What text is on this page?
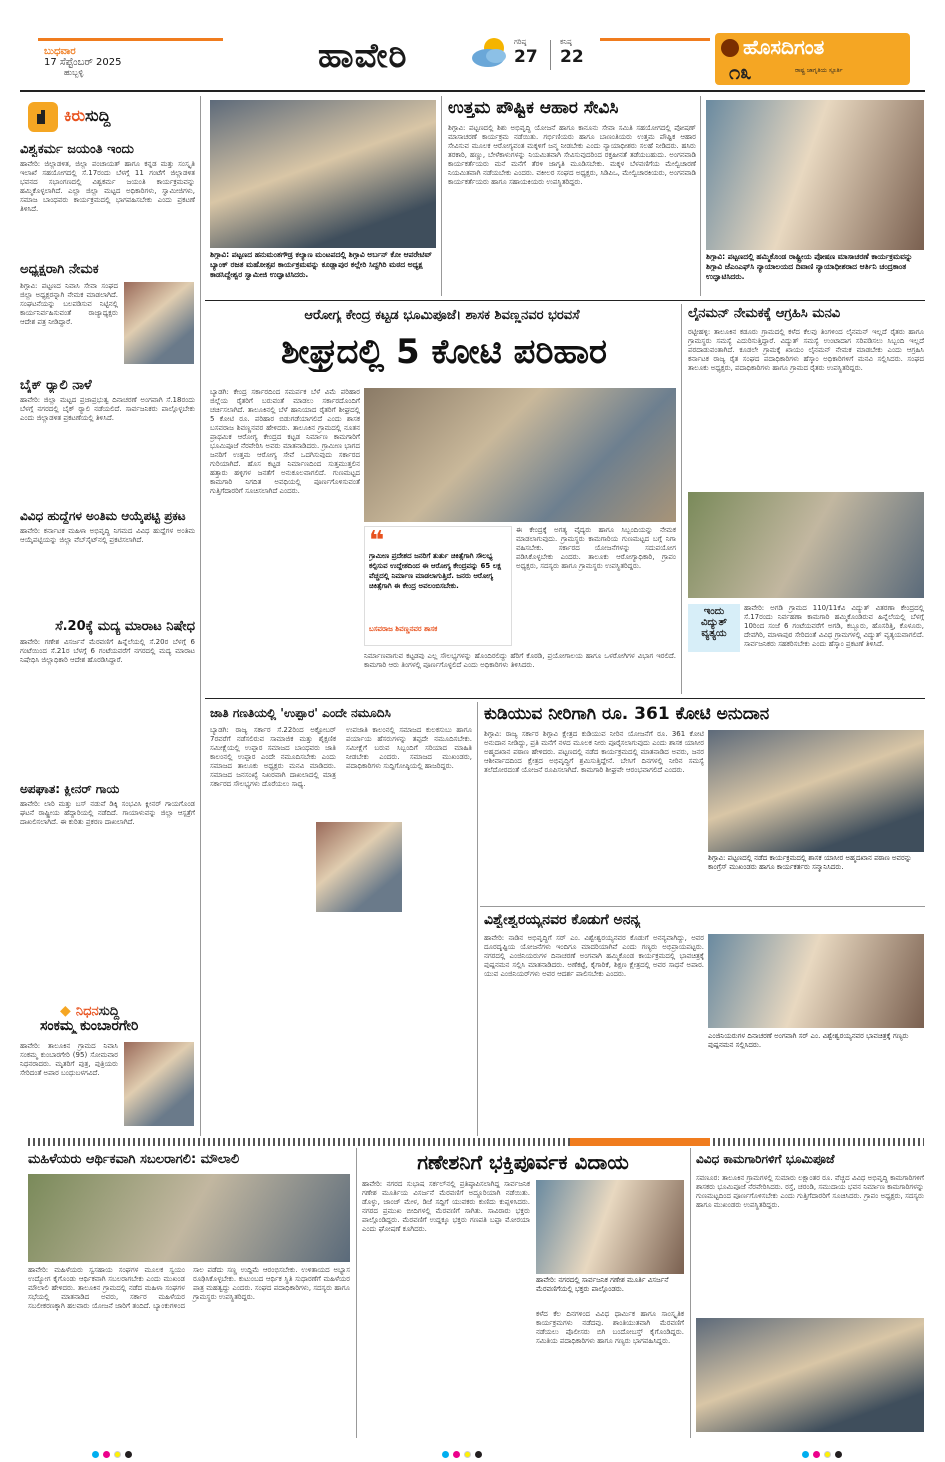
ಬುಧವಾರ
17 ಸೆಪ್ಟೆಂಬರ್ 2025
ಹುಬ್ಬಳ್ಳಿ	ಹಾವೇರಿ	ಗರಿಷ್ಠ
27
ಕನಿಷ್ಠ
22	ಹೊಸದಿಗಂತ
೧೩	ರಾಷ್ಟ್ರ ಜಾಗೃತಿಯ ಸ್ಪೂರ್ತಿ
ಕಿರುಸುದ್ದಿ
ವಿಶ್ವಕರ್ಮ ಜಯಂತಿ ಇಂದು
ಹಾವೇರಿ: ಜಿಲ್ಲಾಡಳಿತ, ಜಿಲ್ಲಾ ಪಂಚಾಯತ್ ಹಾಗೂ ಕನ್ನಡ ಮತ್ತು ಸಂಸ್ಕೃತಿ ಇಲಾಖೆ ಸಹಯೋಗದಲ್ಲಿ ಸೆ.17ರಂದು ಬೆಳಗ್ಗೆ 11 ಗಂಟೆಗೆ ಜಿಲ್ಲಾಡಳಿತ ಭವನದ ಸಭಾಂಗಣದಲ್ಲಿ ವಿಶ್ವಕರ್ಮ ಜಯಂತಿ ಕಾರ್ಯಕ್ರಮವನ್ನು ಹಮ್ಮಿಕೊಳ್ಳಲಾಗಿದೆ. ಎಲ್ಲಾ ಜಿಲ್ಲಾ ಮಟ್ಟದ ಅಧಿಕಾರಿಗಳು, ಸ್ವಾಮೀಜಿಗಳು, ಸಮಾಜ ಬಾಂಧವರು ಕಾರ್ಯಕ್ರಮದಲ್ಲಿ ಭಾಗವಹಿಸಬೇಕು ಎಂದು ಪ್ರಕಟಣೆ ತಿಳಿಸಿದೆ.
ಅಧ್ಯಕ್ಷರಾಗಿ ನೇಮಕ
ಶಿಗ್ಗಾವಿ: ಪಟ್ಟಣದ ನಿವಾಸಿ ಸೇವಾ ಸಂಘದ ಜಿಲ್ಲಾ ಅಧ್ಯಕ್ಷರನ್ನಾಗಿ ನೇಮಕ ಮಾಡಲಾಗಿದೆ. ಸಂಘಟನೆಯನ್ನು ಬಲಪಡಿಸುವ ನಿಟ್ಟಿನಲ್ಲಿ ಕಾರ್ಯನಿರ್ವಹಿಸುವಂತೆ ರಾಜ್ಯಾಧ್ಯಕ್ಷರು ಆದೇಶ ಪತ್ರ ನೀಡಿದ್ದಾರೆ.
ಬೈಕ್ ರ‍್ಯಾಲಿ ನಾಳೆ
ಹಾವೇರಿ: ಜಿಲ್ಲಾ ಮಟ್ಟದ ಪ್ರಜಾಪ್ರಭುತ್ವ ದಿನಾಚರಣೆ ಅಂಗವಾಗಿ ಸೆ.18ರಂದು ಬೆಳಗ್ಗೆ ನಗರದಲ್ಲಿ ಬೈಕ್ ರ‍್ಯಾಲಿ ನಡೆಯಲಿದೆ. ಸಾರ್ವಜನಿಕರು ಪಾಲ್ಗೊಳ್ಳಬೇಕು ಎಂದು ಜಿಲ್ಲಾಡಳಿತ ಪ್ರಕಟಣೆಯಲ್ಲಿ ತಿಳಿಸಿದೆ.
ವಿವಿಧ ಹುದ್ದೆಗಳ ಅಂತಿಮ ಆಯ್ಕೆಪಟ್ಟಿ ಪ್ರಕಟ
ಹಾವೇರಿ: ಕರ್ನಾಟಕ ಮಹಿಳಾ ಅಭಿವೃದ್ಧಿ ನಿಗಮದ ವಿವಿಧ ಹುದ್ದೆಗಳ ಅಂತಿಮ ಆಯ್ಕೆಪಟ್ಟಿಯನ್ನು ಜಿಲ್ಲಾ ವೆಬ್‌ಸೈಟ್‌ನಲ್ಲಿ ಪ್ರಕಟಿಸಲಾಗಿದೆ.
ಸೆ.20ಕ್ಕೆ ಮದ್ಯ ಮಾರಾಟ ನಿಷೇಧ
ಹಾವೇರಿ: ಗಣೇಶ ವಿಸರ್ಜನೆ ಮೆರವಣಿಗೆ ಹಿನ್ನೆಲೆಯಲ್ಲಿ ಸೆ.20ರ ಬೆಳಗ್ಗೆ 6 ಗಂಟೆಯಿಂದ ಸೆ.21ರ ಬೆಳಗ್ಗೆ 6 ಗಂಟೆಯವರೆಗೆ ನಗರದಲ್ಲಿ ಮದ್ಯ ಮಾರಾಟ ನಿಷೇಧಿಸಿ ಜಿಲ್ಲಾಧಿಕಾರಿ ಆದೇಶ ಹೊರಡಿಸಿದ್ದಾರೆ.
ಅಪಘಾತ: ಕ್ಲೀನರ್ ಗಾಯ
ಹಾವೇರಿ: ಲಾರಿ ಮತ್ತು ಬಸ್ ನಡುವೆ ಡಿಕ್ಕಿ ಸಂಭವಿಸಿ ಕ್ಲೀನರ್ ಗಾಯಗೊಂಡ ಘಟನೆ ರಾಷ್ಟ್ರೀಯ ಹೆದ್ದಾರಿಯಲ್ಲಿ ನಡೆದಿದೆ. ಗಾಯಾಳುವನ್ನು ಜಿಲ್ಲಾ ಆಸ್ಪತ್ರೆಗೆ ದಾಖಲಿಸಲಾಗಿದೆ. ಈ ಕುರಿತು ಪ್ರಕರಣ ದಾಖಲಾಗಿದೆ.
◆ ನಿಧನಸುದ್ದಿ
ಸಂಕಮ್ಮ ಕುಂಬಾರಗೇರಿ
ಹಾವೇರಿ: ತಾಲೂಕಿನ ಗ್ರಾಮದ ನಿವಾಸಿ ಸಂಕಮ್ಮ ಕುಂಬಾರಗೇರಿ (95) ಸೋಮವಾರ ನಿಧನರಾದರು. ಮೃತರಿಗೆ ಪುತ್ರ, ಪುತ್ರಿಯರು ಸೇರಿದಂತೆ ಅಪಾರ ಬಂಧುಬಳಗವಿದೆ.
ಶಿಗ್ಗಾವಿ: ಪಟ್ಟಣದ ಹನುಮಂತಗೌಡ್ರ ಕಲ್ಯಾಣ ಮಂಟಪದಲ್ಲಿ ಶಿಗ್ಗಾವಿ ಅರ್ಬನ್ ಕೋ ಆಪರೇಟಿವ್ ಬ್ಯಾಂಕ್ ರಜತ ಮಹೋತ್ಸವ ಕಾರ್ಯಕ್ರಮವನ್ನು ಕೂಡ್ಲಾಪುರ ಕಲ್ಲೇರಿ ಸಿದ್ದಗಿರಿ ಮಠದ ಅಧ್ಯಕ್ಷ ಕಾಡಸಿದ್ದೇಶ್ವರ ಸ್ವಾಮೀಜಿ ಉದ್ಘಾಟಿಸಿದರು.
ಉತ್ತಮ ಪೌಷ್ಟಿಕ ಆಹಾರ ಸೇವಿಸಿ
ಶಿಗ್ಗಾವಿ: ಪಟ್ಟಣದಲ್ಲಿ ಶಿಶು ಅಭಿವೃದ್ಧಿ ಯೋಜನೆ ಹಾಗೂ ಕಾನೂನು ಸೇವಾ ಸಮಿತಿ ಸಹಯೋಗದಲ್ಲಿ ಪೋಷಣ್ ಮಾಸಾಚರಣೆ ಕಾರ್ಯಕ್ರಮ ನಡೆಯಿತು. ಗರ್ಭಿಣಿಯರು ಹಾಗೂ ಬಾಣಂತಿಯರು ಉತ್ತಮ ಪೌಷ್ಟಿಕ ಆಹಾರ ಸೇವಿಸುವ ಮೂಲಕ ಆರೋಗ್ಯವಂತ ಮಕ್ಕಳಿಗೆ ಜನ್ಮ ನೀಡಬೇಕು ಎಂದು ನ್ಯಾಯಾಧೀಶರು ಸಲಹೆ ನೀಡಿದರು. ಹಸಿರು ತರಕಾರಿ, ಹಣ್ಣು, ಬೇಳೆಕಾಳುಗಳನ್ನು ನಿಯಮಿತವಾಗಿ ಸೇವಿಸುವುದರಿಂದ ರಕ್ತಹೀನತೆ ತಡೆಯಬಹುದು. ಅಂಗನವಾಡಿ ಕಾರ್ಯಕರ್ತೆಯರು ಮನೆ ಮನೆಗೆ ತೆರಳಿ ಜಾಗೃತಿ ಮೂಡಿಸಬೇಕು. ಮಕ್ಕಳ ಬೆಳವಣಿಗೆಯ ಮೇಲ್ವಿಚಾರಣೆ ನಿಯಮಿತವಾಗಿ ನಡೆಯಬೇಕು ಎಂದರು. ವಕೀಲರ ಸಂಘದ ಅಧ್ಯಕ್ಷರು, ಸಿಡಿಪಿಒ, ಮೇಲ್ವಿಚಾರಕಿಯರು, ಅಂಗನವಾಡಿ ಕಾರ್ಯಕರ್ತೆಯರು ಹಾಗೂ ಸಹಾಯಕಿಯರು ಉಪಸ್ಥಿತರಿದ್ದರು.
ಶಿಗ್ಗಾವಿ: ಪಟ್ಟಣದಲ್ಲಿ ಹಮ್ಮಿಕೊಂಡ ರಾಷ್ಟ್ರೀಯ ಪೋಷಣ ಮಾಸಾಚರಣೆ ಕಾರ್ಯಕ್ರಮವನ್ನು ಶಿಗ್ಗಾವಿ ಜೆಎಂಎಫ್‌ಸಿ ನ್ಯಾಯಾಲಯದ ದಿವಾಣಿ ನ್ಯಾಯಾಧೀಶರಾದ ಆರ್ತಿನಿ ಚಂದ್ರಕಾಂತ ಉದ್ಘಾಟಿಸಿದರು.
ಆರೋಗ್ಯ ಕೇಂದ್ರ ಕಟ್ಟಡ ಭೂಮಿಪೂಜೆ। ಶಾಸಕ ಶಿವಣ್ಣನವರ ಭರವಸೆ
ಶೀಘ್ರದಲ್ಲಿ 5 ಕೋಟಿ ಪರಿಹಾರ
ಬ್ಯಾಡಗಿ: ಕೇಂದ್ರ ಸರ್ಕಾರದಿಂದ ಸಮರ್ಪಕ ಬೆಳೆ ವಿಮೆ ಪರಿಹಾರ ಜಿಲ್ಲೆಯ ರೈತರಿಗೆ ಬರುವಂತೆ ಮಾಡಲು ಸರ್ಕಾರದೊಂದಿಗೆ ಚರ್ಚಿಸಲಾಗಿದೆ. ತಾಲೂಕಿನಲ್ಲಿ ಬೆಳೆ ಹಾನಿಯಾದ ರೈತರಿಗೆ ಶೀಘ್ರದಲ್ಲಿ 5 ಕೋಟಿ ರೂ. ಪರಿಹಾರ ಬಿಡುಗಡೆಯಾಗಲಿದೆ ಎಂದು ಶಾಸಕ ಬಸವರಾಜ ಶಿವಣ್ಣನವರ ಹೇಳಿದರು. ತಾಲೂಕಿನ ಗ್ರಾಮದಲ್ಲಿ ನೂತನ ಪ್ರಾಥಮಿಕ ಆರೋಗ್ಯ ಕೇಂದ್ರದ ಕಟ್ಟಡ ನಿರ್ಮಾಣ ಕಾಮಗಾರಿಗೆ ಭೂಮಿಪೂಜೆ ನೆರವೇರಿಸಿ ಅವರು ಮಾತನಾಡಿದರು. ಗ್ರಾಮೀಣ ಭಾಗದ ಜನರಿಗೆ ಉತ್ತಮ ಆರೋಗ್ಯ ಸೇವೆ ಒದಗಿಸುವುದು ಸರ್ಕಾರದ ಗುರಿಯಾಗಿದೆ. ಹೊಸ ಕಟ್ಟಡ ನಿರ್ಮಾಣದಿಂದ ಸುತ್ತಮುತ್ತಲಿನ ಹತ್ತಾರು ಹಳ್ಳಿಗಳ ಜನತೆಗೆ ಅನುಕೂಲವಾಗಲಿದೆ. ಗುಣಮಟ್ಟದ ಕಾಮಗಾರಿ ನಿಗದಿತ ಅವಧಿಯಲ್ಲಿ ಪೂರ್ಣಗೊಳಿಸುವಂತೆ ಗುತ್ತಿಗೆದಾರರಿಗೆ ಸೂಚಿಸಲಾಗಿದೆ ಎಂದರು.
❝
ಗ್ರಾಮೀಣ ಪ್ರದೇಶದ ಜನರಿಗೆ ತುರ್ತು ಚಿಕಿತ್ಸೆಗಾಗಿ ಸೌಲಭ್ಯ ಕಲ್ಪಿಸುವ ಉದ್ದೇಶದಿಂದ ಈ ಆರೋಗ್ಯ ಕೇಂದ್ರವನ್ನು 65 ಲಕ್ಷ ವೆಚ್ಚದಲ್ಲಿ ನಿರ್ಮಾಣ ಮಾಡಲಾಗುತ್ತಿದೆ. ಜನರು ಆರೋಗ್ಯ ಚಿಕಿತ್ಸೆಗಾಗಿ ಈ ಕೇಂದ್ರ ಅವಲಂಬಿಸಬೇಕು.
ಬಸವರಾಜ ಶಿವಣ್ಣನವರ ಶಾಸಕ
ಈ ಕೇಂದ್ರಕ್ಕೆ ಅಗತ್ಯ ವೈದ್ಯರು ಹಾಗೂ ಸಿಬ್ಬಂದಿಯನ್ನು ನೇಮಕ ಮಾಡಲಾಗುವುದು. ಗ್ರಾಮಸ್ಥರು ಕಾಮಗಾರಿಯ ಗುಣಮಟ್ಟದ ಬಗ್ಗೆ ನಿಗಾ ವಹಿಸಬೇಕು. ಸರ್ಕಾರದ ಯೋಜನೆಗಳನ್ನು ಸದುಪಯೋಗ ಪಡಿಸಿಕೊಳ್ಳಬೇಕು ಎಂದರು. ತಾಲೂಕು ಆರೋಗ್ಯಾಧಿಕಾರಿ, ಗ್ರಾಪಂ ಅಧ್ಯಕ್ಷರು, ಸದಸ್ಯರು ಹಾಗೂ ಗ್ರಾಮಸ್ಥರು ಉಪಸ್ಥಿತರಿದ್ದರು.
ನಿರ್ಮಾಣವಾಗುವ ಕಟ್ಟಡವು ಎಲ್ಲ ಸೌಲಭ್ಯಗಳನ್ನು ಹೊಂದಿರಲಿದ್ದು ಹೆರಿಗೆ ಕೊಠಡಿ, ಪ್ರಯೋಗಾಲಯ ಹಾಗೂ ಒಳರೋಗಿಗಳ ವಿಭಾಗ ಇರಲಿದೆ. ಕಾಮಗಾರಿ ಆರು ತಿಂಗಳಲ್ಲಿ ಪೂರ್ಣಗೊಳ್ಳಲಿದೆ ಎಂದು ಅಧಿಕಾರಿಗಳು ತಿಳಿಸಿದರು.
ಲೈನಮನ್ ನೇಮಕಕ್ಕೆ ಆಗ್ರಹಿಸಿ ಮನವಿ
ರಟ್ಟೀಹಳ್ಳಿ: ತಾಲೂಕಿನ ಕಡೂರು ಗ್ರಾಮದಲ್ಲಿ ಕಳೆದ ಕೆಲವು ತಿಂಗಳಿಂದ ಲೈನಮನ್ ಇಲ್ಲದೆ ರೈತರು ಹಾಗೂ ಗ್ರಾಮಸ್ಥರು ಸಮಸ್ಯೆ ಎದುರಿಸುತ್ತಿದ್ದಾರೆ. ವಿದ್ಯುತ್ ಸಮಸ್ಯೆ ಉಂಟಾದಾಗ ಸರಿಪಡಿಸಲು ಸಿಬ್ಬಂದಿ ಇಲ್ಲದೆ ಪರದಾಡುವಂತಾಗಿದೆ. ಕೂಡಲೇ ಗ್ರಾಮಕ್ಕೆ ಖಾಯಂ ಲೈನಮನ್ ನೇಮಕ ಮಾಡಬೇಕು ಎಂದು ಆಗ್ರಹಿಸಿ ಕರ್ನಾಟಕ ರಾಜ್ಯ ರೈತ ಸಂಘದ ಪದಾಧಿಕಾರಿಗಳು ಹೆಸ್ಕಾಂ ಅಧಿಕಾರಿಗಳಿಗೆ ಮನವಿ ಸಲ್ಲಿಸಿದರು. ಸಂಘದ ತಾಲೂಕು ಅಧ್ಯಕ್ಷರು, ಪದಾಧಿಕಾರಿಗಳು ಹಾಗೂ ಗ್ರಾಮದ ರೈತರು ಉಪಸ್ಥಿತರಿದ್ದರು.
ಇಂದು
ವಿದ್ಯುತ್
ವ್ಯತ್ಯಯ
ಹಾವೇರಿ: ಅಗಡಿ ಗ್ರಾಮದ 110/11ಕೆವಿ ವಿದ್ಯುತ್ ವಿತರಣಾ ಕೇಂದ್ರದಲ್ಲಿ ಸೆ.17ರಂದು ನಿರ್ವಹಣಾ ಕಾಮಗಾರಿ ಹಮ್ಮಿಕೊಂಡಿರುವ ಹಿನ್ನೆಲೆಯಲ್ಲಿ ಬೆಳಗ್ಗೆ 10ರಿಂದ ಸಂಜೆ 6 ಗಂಟೆಯವರೆಗೆ ಅಗಡಿ, ಕಬ್ಬೂರು, ಹೊಸರಿತ್ತಿ, ಕೊಳೂರು, ದೇವಗಿರಿ, ಮಾಳಾಪುರ ಸೇರಿದಂತೆ ವಿವಿಧ ಗ್ರಾಮಗಳಲ್ಲಿ ವಿದ್ಯುತ್ ವ್ಯತ್ಯಯವಾಗಲಿದೆ. ಸಾರ್ವಜನಿಕರು ಸಹಕರಿಸಬೇಕು ಎಂದು ಹೆಸ್ಕಾಂ ಪ್ರಕಟಣೆ ತಿಳಿಸಿದೆ.
ಜಾತಿ ಗಣತಿಯಲ್ಲಿ 'ಉಪ್ಪಾರ' ಎಂದೇ ನಮೂದಿಸಿ
ಬ್ಯಾಡಗಿ: ರಾಜ್ಯ ಸರ್ಕಾರ ಸೆ.22ರಿಂದ ಅಕ್ಟೋಬರ್ 7ರವರೆಗೆ ನಡೆಸಲಿರುವ ಸಾಮಾಜಿಕ ಮತ್ತು ಶೈಕ್ಷಣಿಕ ಸಮೀಕ್ಷೆಯಲ್ಲಿ ಉಪ್ಪಾರ ಸಮಾಜದ ಬಾಂಧವರು ಜಾತಿ ಕಾಲಂನಲ್ಲಿ ಉಪ್ಪಾರ ಎಂದೇ ನಮೂದಿಸಬೇಕು ಎಂದು ಸಮಾಜದ ತಾಲೂಕು ಅಧ್ಯಕ್ಷರು ಮನವಿ ಮಾಡಿದರು. ಸಮಾಜದ ಜನಸಂಖ್ಯೆ ನಿಖರವಾಗಿ ದಾಖಲಾದಲ್ಲಿ ಮಾತ್ರ ಸರ್ಕಾರದ ಸೌಲಭ್ಯಗಳು ದೊರೆಯಲು ಸಾಧ್ಯ.
ಉಪಜಾತಿ ಕಾಲಂನಲ್ಲಿ ಸಮಾಜದ ಕುಲಕಸುಬು ಹಾಗೂ ಪರ್ಯಾಯ ಹೆಸರುಗಳನ್ನು ತಪ್ಪದೇ ನಮೂದಿಸಬೇಕು. ಸಮೀಕ್ಷೆಗೆ ಬರುವ ಸಿಬ್ಬಂದಿಗೆ ಸರಿಯಾದ ಮಾಹಿತಿ ನೀಡಬೇಕು ಎಂದರು. ಸಮಾಜದ ಮುಖಂಡರು, ಪದಾಧಿಕಾರಿಗಳು ಸುದ್ದಿಗೋಷ್ಠಿಯಲ್ಲಿ ಹಾಜರಿದ್ದರು.
ಕುಡಿಯುವ ನೀರಿಗಾಗಿ ರೂ. 361 ಕೋಟಿ ಅನುದಾನ
ಶಿಗ್ಗಾವಿ: ರಾಜ್ಯ ಸರ್ಕಾರ ಶಿಗ್ಗಾವಿ ಕ್ಷೇತ್ರದ ಕುಡಿಯುವ ನೀರಿನ ಯೋಜನೆಗೆ ರೂ. 361 ಕೋಟಿ ಅನುದಾನ ನೀಡಿದ್ದು, ಪ್ರತಿ ಮನೆಗೆ ನಳದ ಮೂಲಕ ನೀರು ಪೂರೈಸಲಾಗುವುದು ಎಂದು ಶಾಸಕ ಯಾಸೀರ ಅಹ್ಮದಖಾನ ಪಠಾಣ ಹೇಳಿದರು. ಪಟ್ಟಣದಲ್ಲಿ ನಡೆದ ಕಾರ್ಯಕ್ರಮದಲ್ಲಿ ಮಾತನಾಡಿದ ಅವರು, ಜನರ ಆಶೀರ್ವಾದದಿಂದ ಕ್ಷೇತ್ರದ ಅಭಿವೃದ್ಧಿಗೆ ಶ್ರಮಿಸುತ್ತಿದ್ದೇನೆ. ಬೇಸಿಗೆ ದಿನಗಳಲ್ಲಿ ನೀರಿನ ಸಮಸ್ಯೆ ತಲೆದೋರದಂತೆ ಯೋಜನೆ ರೂಪಿಸಲಾಗಿದೆ. ಕಾಮಗಾರಿ ಶೀಘ್ರವೇ ಆರಂಭವಾಗಲಿದೆ ಎಂದರು.
ಶಿಗ್ಗಾವಿ: ಪಟ್ಟಣದಲ್ಲಿ ನಡೆದ ಕಾರ್ಯಕ್ರಮದಲ್ಲಿ ಶಾಸಕ ಯಾಸೀರ ಅಹ್ಮದಖಾನ ಪಠಾಣ ಅವರನ್ನು ಕಾಂಗ್ರೆಸ್ ಮುಖಂಡರು ಹಾಗೂ ಕಾರ್ಯಕರ್ತರು ಸನ್ಮಾನಿಸಿದರು.
ವಿಶ್ವೇಶ್ವರಯ್ಯನವರ ಕೊಡುಗೆ ಅನನ್ಯ
ಹಾವೇರಿ: ನಾಡಿನ ಅಭಿವೃದ್ಧಿಗೆ ಸರ್ ಎಂ. ವಿಶ್ವೇಶ್ವರಯ್ಯನವರ ಕೊಡುಗೆ ಅನನ್ಯವಾಗಿದ್ದು, ಅವರ ದೂರದೃಷ್ಟಿಯ ಯೋಜನೆಗಳು ಇಂದಿಗೂ ಮಾದರಿಯಾಗಿವೆ ಎಂದು ಗಣ್ಯರು ಅಭಿಪ್ರಾಯಪಟ್ಟರು. ನಗರದಲ್ಲಿ ಎಂಜಿನಿಯರುಗಳ ದಿನಾಚರಣೆ ಅಂಗವಾಗಿ ಹಮ್ಮಿಕೊಂಡ ಕಾರ್ಯಕ್ರಮದಲ್ಲಿ ಭಾವಚಿತ್ರಕ್ಕೆ ಪುಷ್ಪನಮನ ಸಲ್ಲಿಸಿ ಮಾತನಾಡಿದರು. ಅಣೆಕಟ್ಟೆ, ಕೈಗಾರಿಕೆ, ಶಿಕ್ಷಣ ಕ್ಷೇತ್ರದಲ್ಲಿ ಅವರ ಸಾಧನೆ ಅಪಾರ. ಯುವ ಎಂಜಿನಿಯರ್‌ಗಳು ಅವರ ಆದರ್ಶ ಪಾಲಿಸಬೇಕು ಎಂದರು.
ಎಂಜಿನಿಯರುಗಳ ದಿನಾಚರಣೆ ಅಂಗವಾಗಿ ಸರ್ ಎಂ. ವಿಶ್ವೇಶ್ವರಯ್ಯನವರ ಭಾವಚಿತ್ರಕ್ಕೆ ಗಣ್ಯರು ಪುಷ್ಪನಮನ ಸಲ್ಲಿಸಿದರು.
ಮಹಿಳೆಯರು ಆರ್ಥಿಕವಾಗಿ ಸಬಲರಾಗಲಿ: ಮೌಲಾಲಿ
ಹಾವೇರಿ: ಮಹಿಳೆಯರು ಸ್ವಸಹಾಯ ಸಂಘಗಳ ಮೂಲಕ ಸ್ವಯಂ ಉದ್ಯೋಗ ಕೈಗೊಂಡು ಆರ್ಥಿಕವಾಗಿ ಸಬಲರಾಗಬೇಕು ಎಂದು ಮುಖಂಡ ಮೌಲಾಲಿ ಹೇಳಿದರು. ತಾಲೂಕಿನ ಗ್ರಾಮದಲ್ಲಿ ನಡೆದ ಮಹಿಳಾ ಸಂಘಗಳ ಸಭೆಯಲ್ಲಿ ಮಾತನಾಡಿದ ಅವರು, ಸರ್ಕಾರ ಮಹಿಳೆಯರ ಸಬಲೀಕರಣಕ್ಕಾಗಿ ಹಲವಾರು ಯೋಜನೆ ಜಾರಿಗೆ ತಂದಿದೆ. ಬ್ಯಾಂಕುಗಳಿಂದ ಸಾಲ ಪಡೆದು ಸಣ್ಣ ಉದ್ದಿಮೆ ಆರಂಭಿಸಬೇಕು. ಉಳಿತಾಯದ ಅಭ್ಯಾಸ ರೂಢಿಸಿಕೊಳ್ಳಬೇಕು. ಕುಟುಂಬದ ಆರ್ಥಿಕ ಸ್ಥಿತಿ ಸುಧಾರಣೆಗೆ ಮಹಿಳೆಯರ ಪಾತ್ರ ಮಹತ್ವದ್ದು ಎಂದರು. ಸಂಘದ ಪದಾಧಿಕಾರಿಗಳು, ಸದಸ್ಯರು ಹಾಗೂ ಗ್ರಾಮಸ್ಥರು ಉಪಸ್ಥಿತರಿದ್ದರು.
ಗಣೇಶನಿಗೆ ಭಕ್ತಿಪೂರ್ವಕ ವಿದಾಯ
ಹಾವೇರಿ: ನಗರದ ಸುಭಾಷ ಸರ್ಕಲ್‌ನಲ್ಲಿ ಪ್ರತಿಷ್ಠಾಪಿಸಲಾಗಿದ್ದ ಸಾರ್ವಜನಿಕ ಗಣೇಶ ಮೂರ್ತಿಯ ವಿಸರ್ಜನೆ ಮೆರವಣಿಗೆ ಅದ್ದೂರಿಯಾಗಿ ನಡೆಯಿತು. ಡೊಳ್ಳು, ಜಾಂಜ್ ಮೇಳ, ಡಿಜೆ ಸದ್ದಿಗೆ ಯುವಕರು ಕುಣಿದು ಕುಪ್ಪಳಿಸಿದರು. ನಗರದ ಪ್ರಮುಖ ಬೀದಿಗಳಲ್ಲಿ ಮೆರವಣಿಗೆ ಸಾಗಿತು. ಸಾವಿರಾರು ಭಕ್ತರು ಪಾಲ್ಗೊಂಡಿದ್ದರು. ಮೆರವಣಿಗೆ ಉದ್ದಕ್ಕೂ ಭಕ್ತರು ಗಣಪತಿ ಬಪ್ಪಾ ಮೋರಯಾ ಎಂದು ಘೋಷಣೆ ಕೂಗಿದರು.
ಹಾವೇರಿ: ನಗರದಲ್ಲಿ ಸಾರ್ವಜನಿಕ ಗಣೇಶ ಮೂರ್ತಿ ವಿಸರ್ಜನೆ ಮೆರವಣಿಗೆಯಲ್ಲಿ ಭಕ್ತರು ಪಾಲ್ಗೊಂಡರು.
ಕಳೆದ ಕೆಲ ದಿನಗಳಿಂದ ವಿವಿಧ ಧಾರ್ಮಿಕ ಹಾಗೂ ಸಾಂಸ್ಕೃತಿಕ ಕಾರ್ಯಕ್ರಮಗಳು ನಡೆದವು. ಶಾಂತಿಯುತವಾಗಿ ಮೆರವಣಿಗೆ ನಡೆಯಲು ಪೊಲೀಸರು ಬಿಗಿ ಬಂದೋಬಸ್ತ್ ಕೈಗೊಂಡಿದ್ದರು. ಸಮಿತಿಯ ಪದಾಧಿಕಾರಿಗಳು ಹಾಗೂ ಗಣ್ಯರು ಭಾಗವಹಿಸಿದ್ದರು.
ವಿವಿಧ ಕಾಮಗಾರಿಗಳಿಗೆ ಭೂಮಿಪೂಜೆ
ಸವಣೂರ: ತಾಲೂಕಿನ ಗ್ರಾಮಗಳಲ್ಲಿ ಸುಮಾರು ಲಕ್ಷಾಂತರ ರೂ. ವೆಚ್ಚದ ವಿವಿಧ ಅಭಿವೃದ್ಧಿ ಕಾಮಗಾರಿಗಳಿಗೆ ಶಾಸಕರು ಭೂಮಿಪೂಜೆ ನೆರವೇರಿಸಿದರು. ರಸ್ತೆ, ಚರಂಡಿ, ಸಮುದಾಯ ಭವನ ನಿರ್ಮಾಣ ಕಾಮಗಾರಿಗಳನ್ನು ಗುಣಮಟ್ಟದಿಂದ ಪೂರ್ಣಗೊಳಿಸಬೇಕು ಎಂದು ಗುತ್ತಿಗೆದಾರರಿಗೆ ಸೂಚಿಸಿದರು. ಗ್ರಾಪಂ ಅಧ್ಯಕ್ಷರು, ಸದಸ್ಯರು ಹಾಗೂ ಮುಖಂಡರು ಉಪಸ್ಥಿತರಿದ್ದರು.
